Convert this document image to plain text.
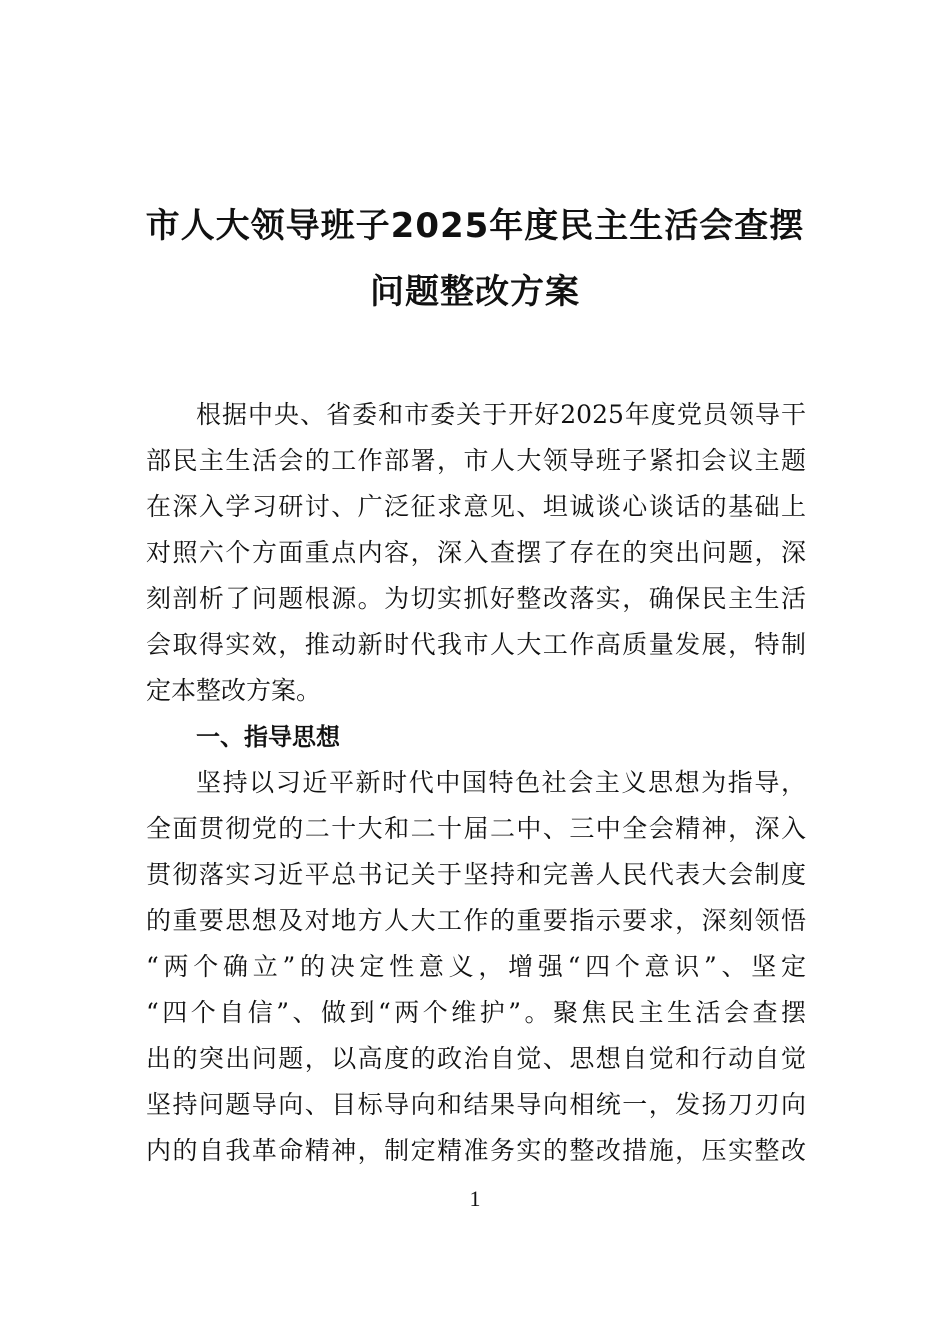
市人大领导班子2025年度民主生活会查摆
问题整改方案
根据中央、省委和市委关于开好2025年度党员领导干
部民主生活会的工作部署，市人大领导班子紧扣会议主题
在深入学习研讨、广泛征求意见、坦诚谈心谈话的基础上
对照六个方面重点内容，深入查摆了存在的突出问题，深
刻剖析了问题根源。为切实抓好整改落实，确保民主生活
会取得实效，推动新时代我市人大工作高质量发展，特制
定本整改方案。
一、指导思想
坚持以习近平新时代中国特色社会主义思想为指导，
全面贯彻党的二十大和二十届二中、三中全会精神，深入
贯彻落实习近平总书记关于坚持和完善人民代表大会制度
的重要思想及对地方人大工作的重要指示要求，深刻领悟
“两个确立”的决定性意义，增强“四个意识”、坚定
“四个自信”、做到“两个维护”。聚焦民主生活会查摆
出的突出问题，以高度的政治自觉、思想自觉和行动自觉
坚持问题导向、目标导向和结果导向相统一，发扬刀刃向
内的自我革命精神，制定精准务实的整改措施，压实整改
1
